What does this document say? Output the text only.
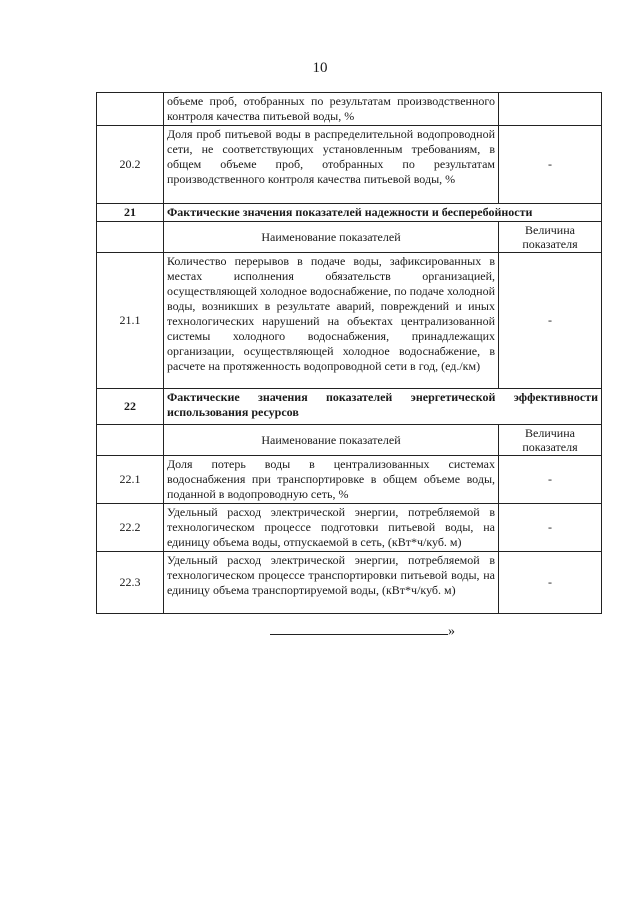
10
	объеме проб, отобранных по результатам производственного контроля качества питьевой воды, %	
20.2	Доля проб питьевой воды в распределительной водопроводной сети, не соответствующих установленным требованиям, в общем объеме проб, отобранных по результатам производственного контроля качества питьевой воды, %	-
21	Фактические значения показателей надежности и бесперебойности	
	Наименование показателей	Величина показателя
21.1	Количество перерывов в подаче воды, зафиксированных в местах исполнения обязательств организацией, осуществляющей холодное водоснабжение, по подаче холодной воды, возникших в результате аварий, повреждений и иных технологических нарушений на объектах централизованной системы холодного водоснабжения, принадлежащих организации, осуществляющей холодное водоснабжение, в расчете на протяженность водопроводной сети в год, (ед./км)	-
22	Фактические значения показателей энергетической эффективности использования ресурсов	
	Наименование показателей	Величина показателя
22.1	Доля потерь воды в централизованных системах водоснабжения при транспортировке в общем объеме воды, поданной в водопроводную сеть, %	-
22.2	Удельный расход электрической энергии, потребляемой в технологическом процессе подготовки питьевой воды, на единицу объема воды, отпускаемой в сеть, (кВт*ч/куб. м)	-
22.3	Удельный расход электрической энергии, потребляемой в технологическом процессе транспортировки питьевой воды, на единицу объема транспортируемой воды, (кВт*ч/куб. м)	-
»
